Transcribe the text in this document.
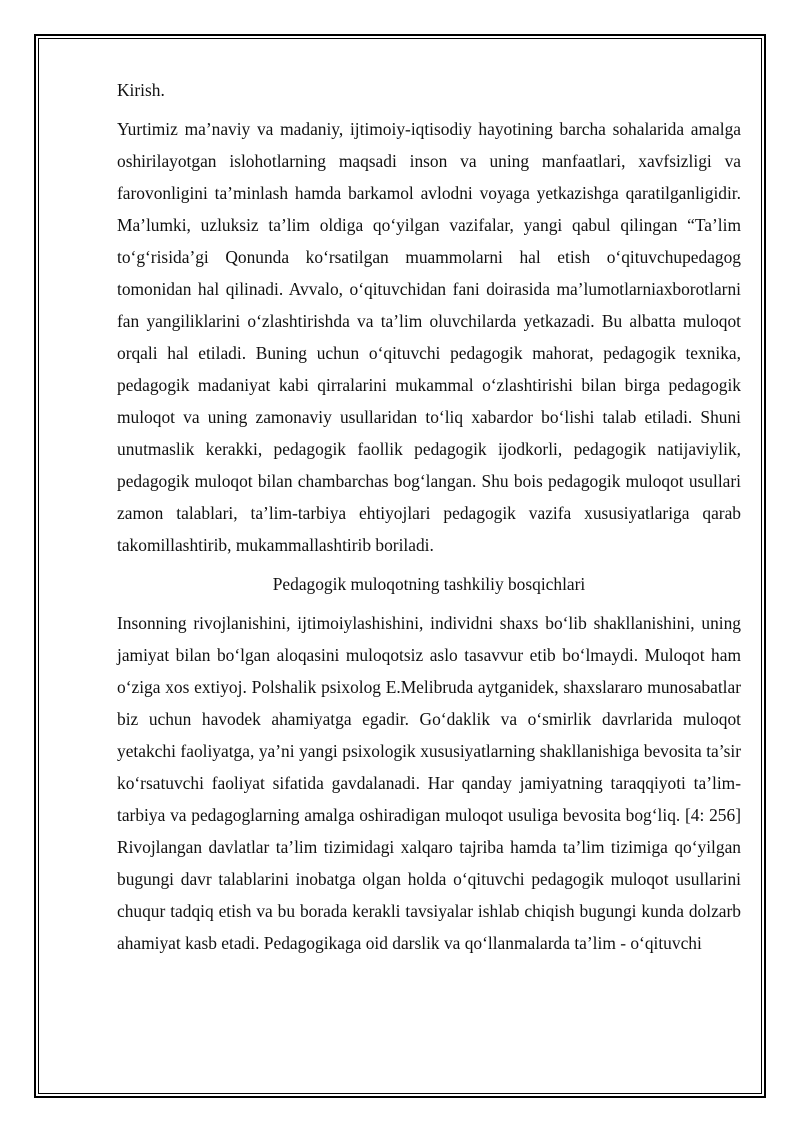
Kirish.

Yurtimiz ma’naviy va madaniy, ijtimoiy-iqtisodiy hayotining barcha sohalarida amalga oshirilayotgan islohotlarning maqsadi inson va uning manfaatlari, xavfsizligi va farovonligini ta’minlash hamda barkamol avlodni voyaga yetkazishga qaratilganligidir. Ma’lumki, uzluksiz ta’lim oldiga qo‘yilgan vazifalar, yangi qabul qilingan “Ta’lim to‘g‘risida’gi Qonunda ko‘rsatilgan muammolarni hal etish o‘qituvchupedagog tomonidan hal qilinadi. Avvalo, o‘qituvchidan fani doirasida ma’lumotlarniaxborotlarni fan yangiliklarini o‘zlashtirishda va ta’lim oluvchilarda yetkazadi. Bu albatta muloqot orqali hal etiladi. Buning uchun o‘qituvchi pedagogik mahorat, pedagogik texnika, pedagogik madaniyat kabi qirralarini mukammal o‘zlashtirishi bilan birga pedagogik muloqot va uning zamonaviy usullaridan to‘liq xabardor bo‘lishi talab etiladi. Shuni unutmaslik kerakki, pedagogik faollik pedagogik ijodkorli, pedagogik natijaviylik, pedagogik muloqot bilan chambarchas bog‘langan. Shu bois pedagogik muloqot usullari zamon talablari, ta’lim-tarbiya ehtiyojlari pedagogik vazifa xususiyatlariga qarab takomillashtirib, mukammallashtirib boriladi.

Pedagogik muloqotning tashkiliy bosqichlari

Insonning rivojlanishini, ijtimoiylashishini, individni shaxs bo‘lib shakllanishini, uning jamiyat bilan bo‘lgan aloqasini muloqotsiz aslo tasavvur etib bo‘lmaydi. Muloqot ham o‘ziga xos extiyoj. Polshalik psixolog E.Melibruda aytganidek, shaxslararo munosabatlar biz uchun havodek ahamiyatga egadir. Go‘daklik va o‘smirlik davrlarida muloqot yetakchi faoliyatga, ya’ni yangi psixologik xususiyatlarning shakllanishiga bevosita ta’sir ko‘rsatuvchi faoliyat sifatida gavdalanadi. Har qanday jamiyatning taraqqiyoti ta’lim-tarbiya va pedagoglarning amalga oshiradigan muloqot usuliga bevosita bog‘liq. [4: 256] Rivojlangan davlatlar ta’lim tizimidagi xalqaro tajriba hamda ta’lim tizimiga qo‘yilgan bugungi davr talablarini inobatga olgan holda o‘qituvchi pedagogik muloqot usullarini chuqur tadqiq etish va bu borada kerakli tavsiyalar ishlab chiqish bugungi kunda dolzarb ahamiyat kasb etadi. Pedagogikaga oid darslik va qo‘llanmalarda ta’lim - o‘qituvchi
